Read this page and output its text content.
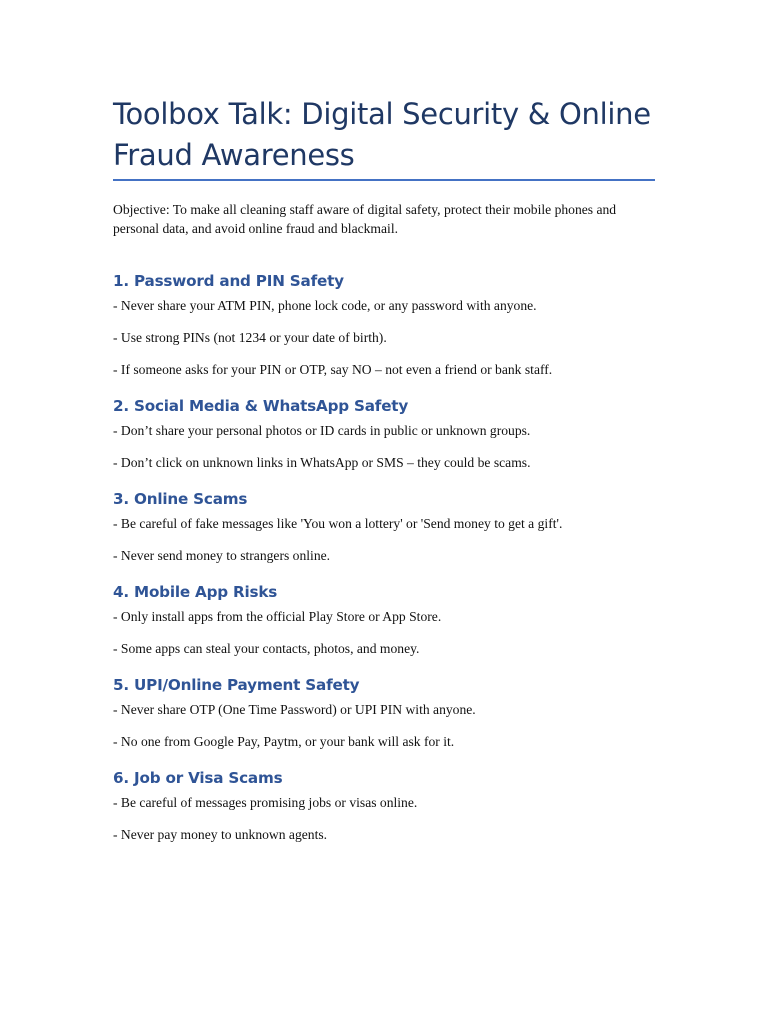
Toolbox Talk: Digital Security & Online Fraud Awareness

Objective: To make all cleaning staff aware of digital safety, protect their mobile phones and personal data, and avoid online fraud and blackmail.

1. Password and PIN Safety

- Never share your ATM PIN, phone lock code, or any password with anyone.

- Use strong PINs (not 1234 or your date of birth).

- If someone asks for your PIN or OTP, say NO – not even a friend or bank staff.

2. Social Media & WhatsApp Safety

- Don’t share your personal photos or ID cards in public or unknown groups.

- Don’t click on unknown links in WhatsApp or SMS – they could be scams.

3. Online Scams

- Be careful of fake messages like 'You won a lottery' or 'Send money to get a gift'.

- Never send money to strangers online.

4. Mobile App Risks

- Only install apps from the official Play Store or App Store.

- Some apps can steal your contacts, photos, and money.

5. UPI/Online Payment Safety

- Never share OTP (One Time Password) or UPI PIN with anyone.

- No one from Google Pay, Paytm, or your bank will ask for it.

6. Job or Visa Scams

- Be careful of messages promising jobs or visas online.

- Never pay money to unknown agents.
